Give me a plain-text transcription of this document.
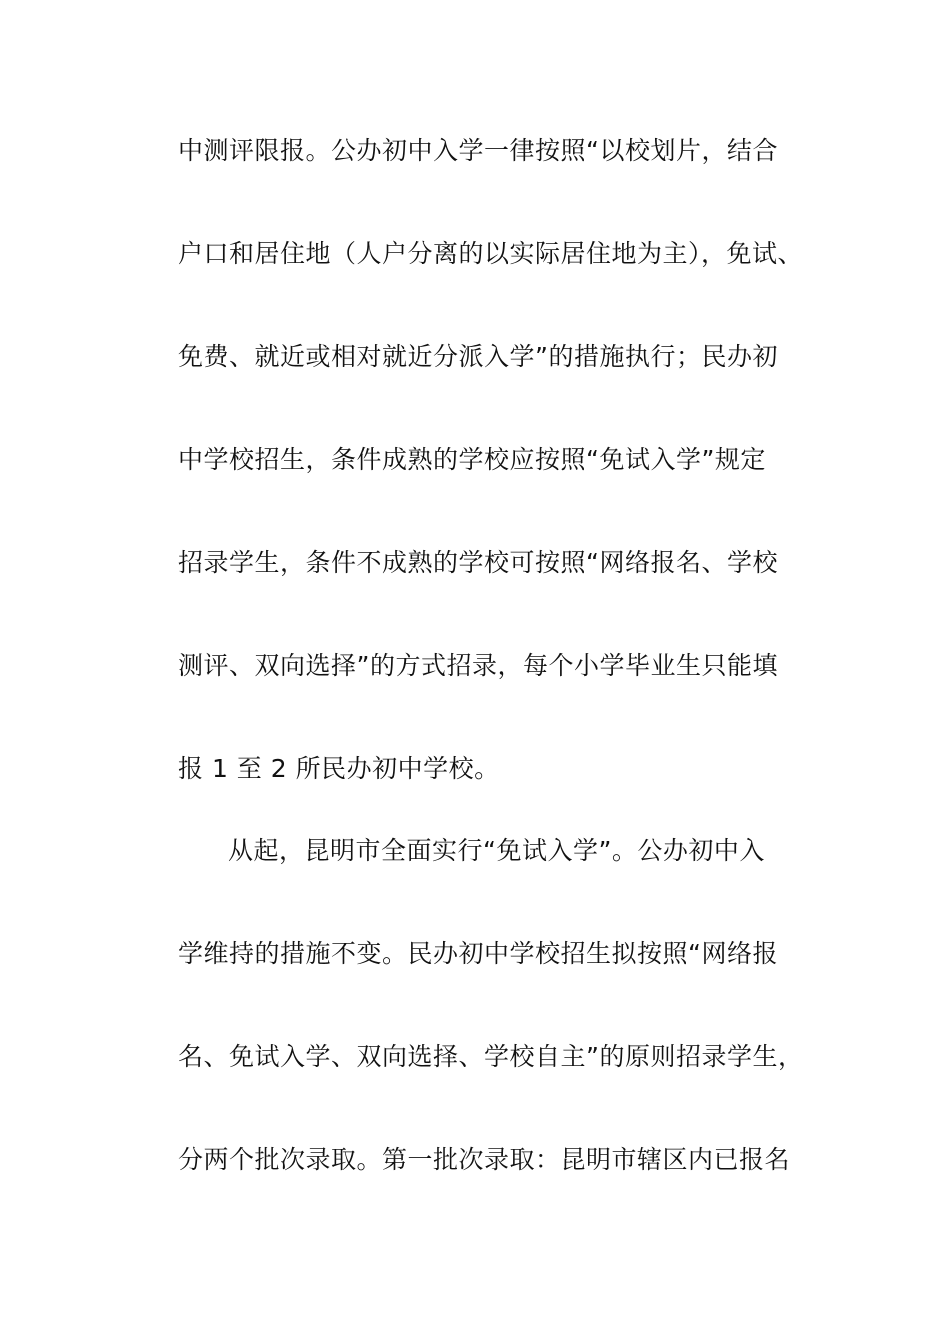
中测评限报。公办初中入学一律按照“以校划片，结合
户口和居住地（人户分离的以实际居住地为主），免试、
免费、就近或相对就近分派入学”的措施执行；民办初
中学校招生，条件成熟的学校应按照“免试入学”规定
招录学生，条件不成熟的学校可按照“网络报名、学校
测评、双向选择”的方式招录，每个小学毕业生只能填
报 1 至 2 所民办初中学校。
从起，昆明市全面实行“免试入学”。公办初中入
学维持的措施不变。民办初中学校招生拟按照“网络报
名、免试入学、双向选择、学校自主”的原则招录学生，
分两个批次录取。第一批次录取：昆明市辖区内已报名
